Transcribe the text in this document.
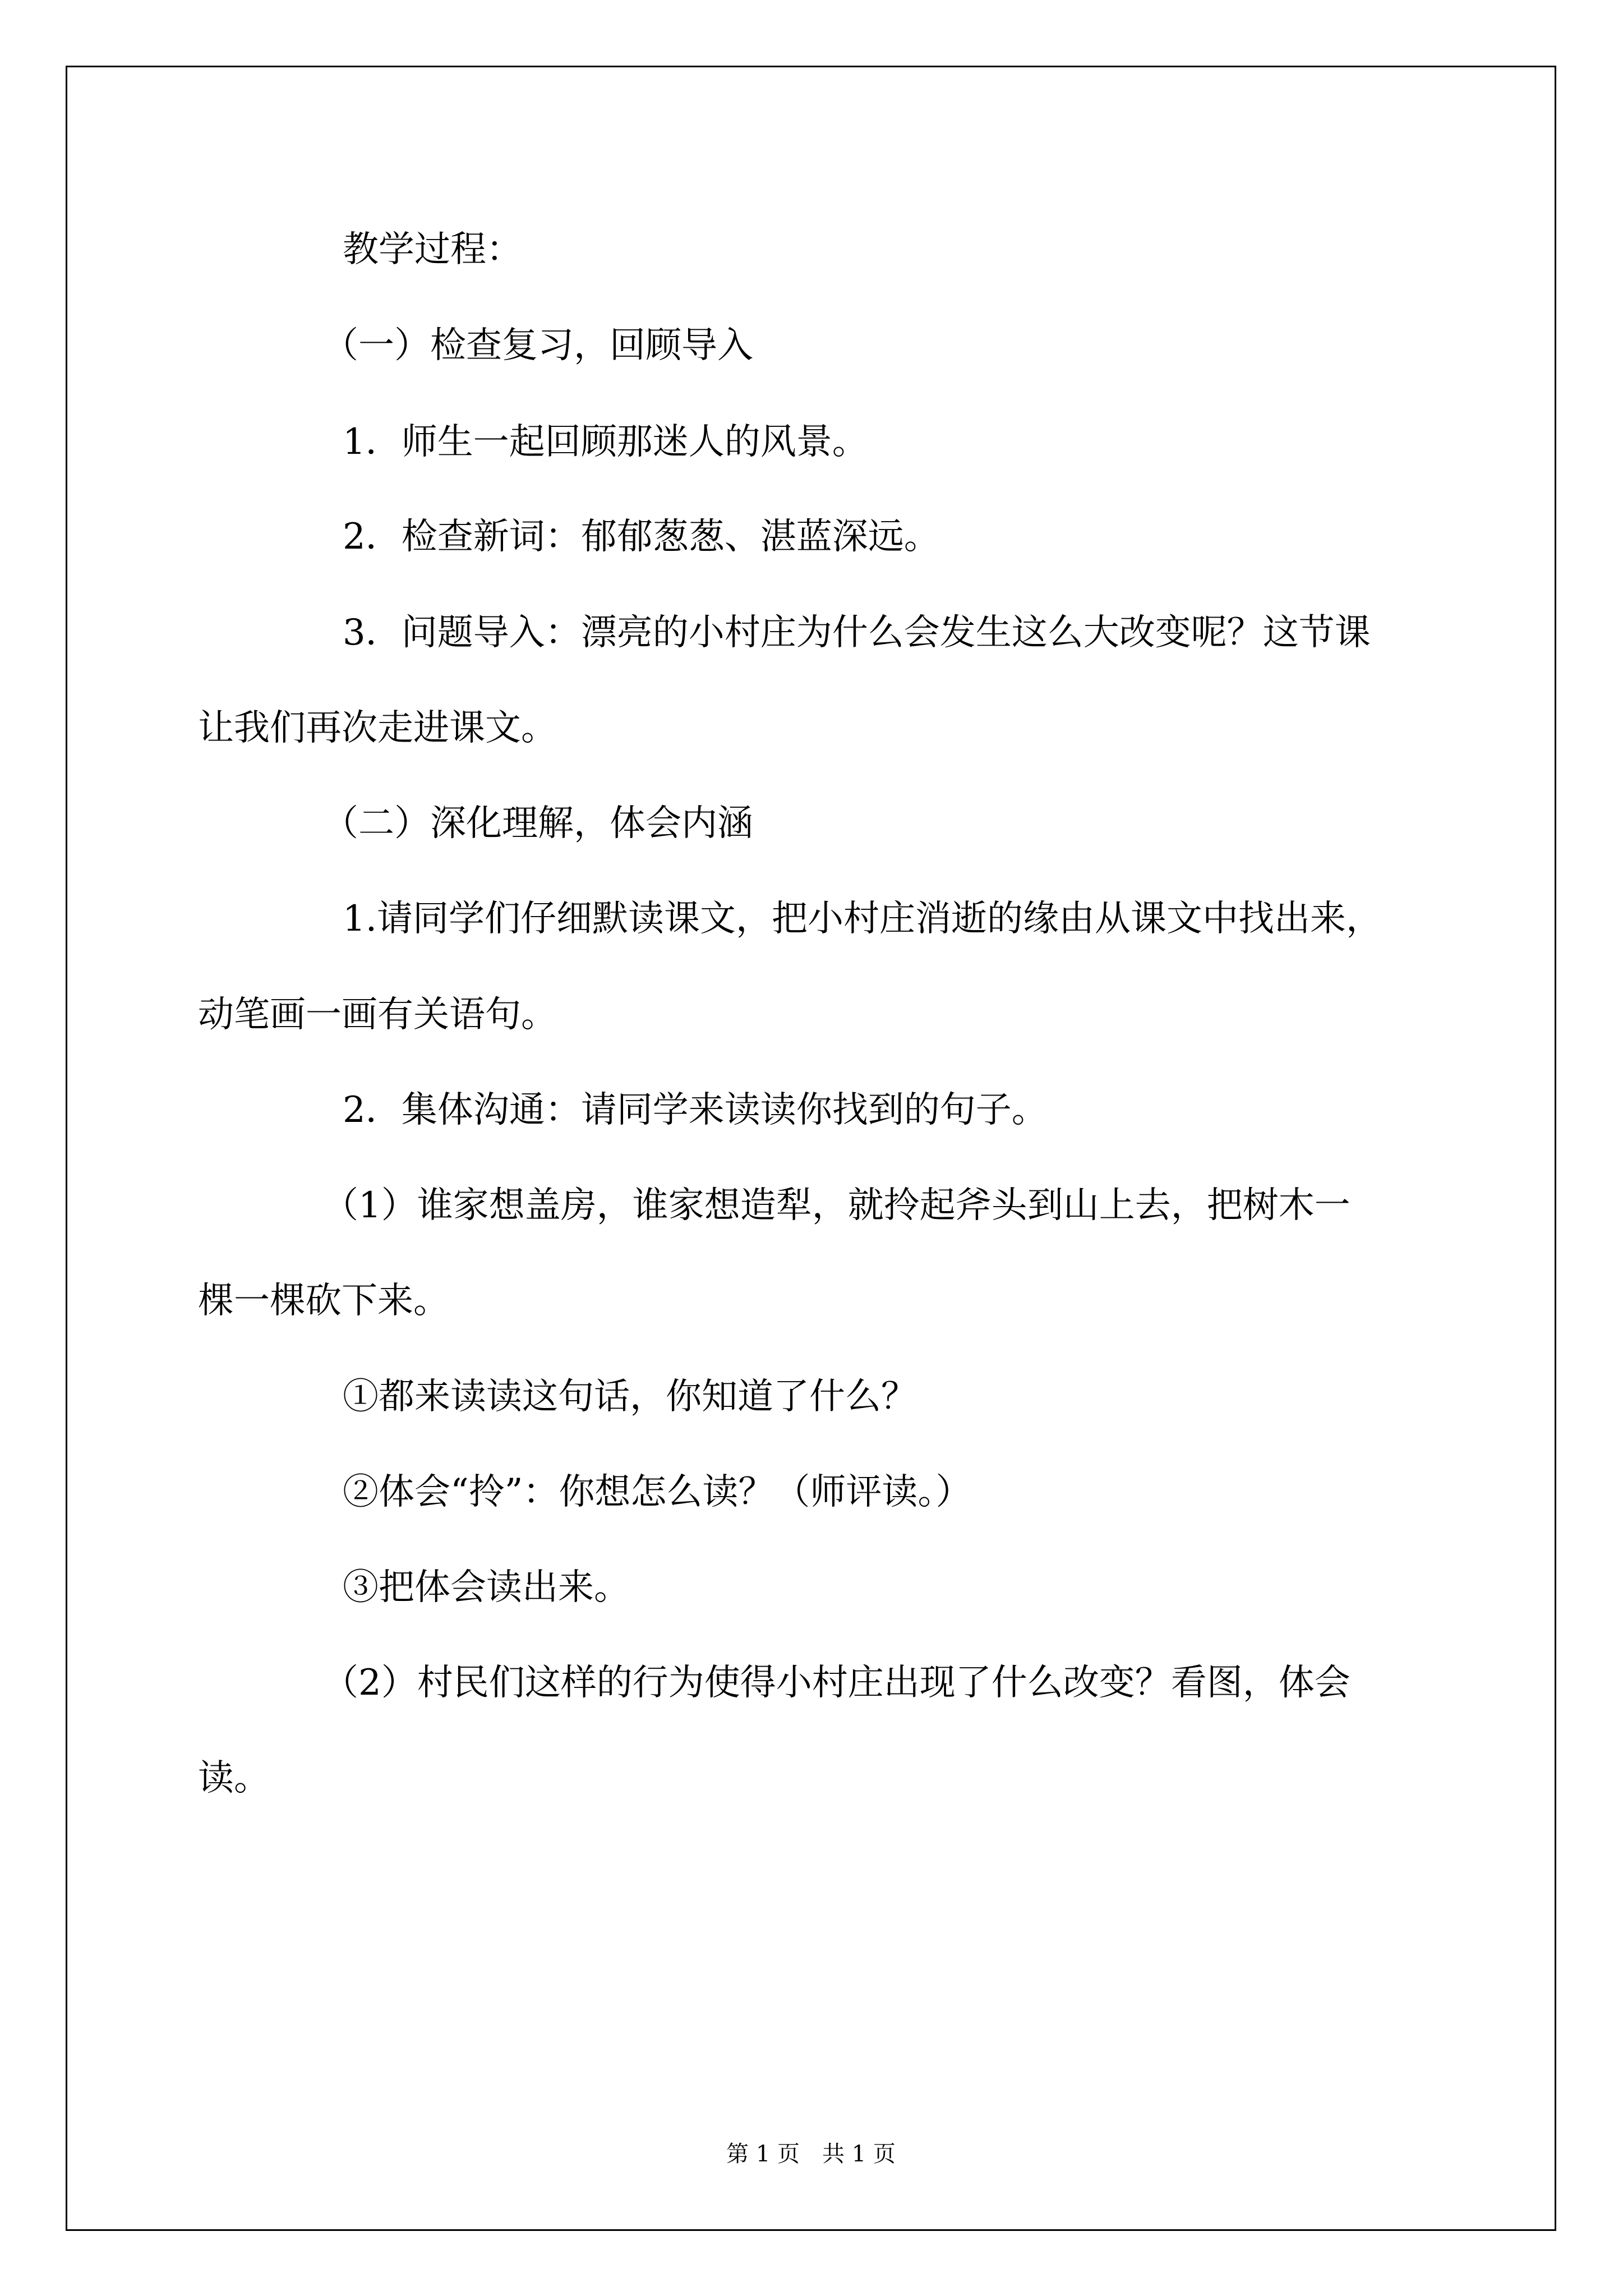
教学过程：

（一）检查复习，回顾导入

1．师生一起回顾那迷人的风景。

2．检查新词：郁郁葱葱、湛蓝深远。

3．问题导入：漂亮的小村庄为什么会发生这么大改变呢？这节课

让我们再次走进课文。

（二）深化理解，体会内涵

1.请同学们仔细默读课文，把小村庄消逝的缘由从课文中找出来，

动笔画一画有关语句。

2．集体沟通：请同学来读读你找到的句子。

（1）谁家想盖房，谁家想造犁，就拎起斧头到山上去，把树木一

棵一棵砍下来。

①都来读读这句话，你知道了什么？

②体会“拎”：你想怎么读？（师评读。）

③把体会读出来。

（2）村民们这样的行为使得小村庄出现了什么改变？看图，体会

读。

第 1 页　共 1 页
